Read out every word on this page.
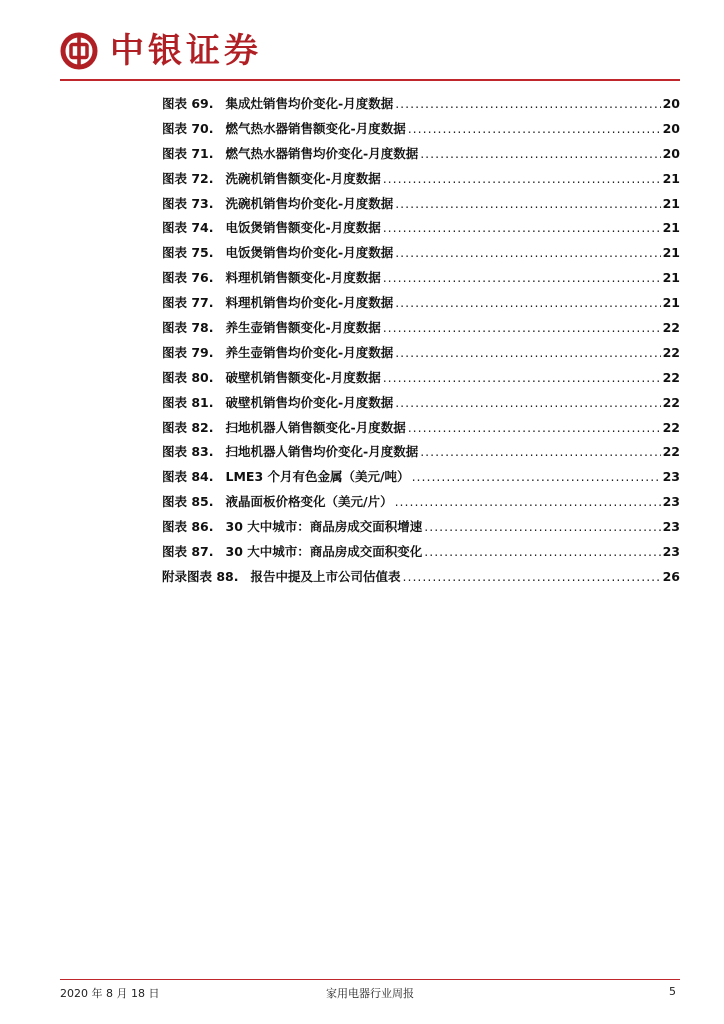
中银证券
图表 69. 集成灶销售均价变化-月度数据 .....	20
图表 70. 燃气热水器销售额变化-月度数据 .....	20
图表 71. 燃气热水器销售均价变化-月度数据 .....	20
图表 72. 洗碗机销售额变化-月度数据 .....	21
图表 73. 洗碗机销售均价变化-月度数据 .....	21
图表 74. 电饭煲销售额变化-月度数据 .....	21
图表 75. 电饭煲销售均价变化-月度数据 .....	21
图表 76. 料理机销售额变化-月度数据 .....	21
图表 77. 料理机销售均价变化-月度数据 .....	21
图表 78. 养生壶销售额变化-月度数据 .....	22
图表 79. 养生壶销售均价变化-月度数据 .....	22
图表 80. 破壁机销售额变化-月度数据 .....	22
图表 81. 破壁机销售均价变化-月度数据 .....	22
图表 82. 扫地机器人销售额变化-月度数据 .....	22
图表 83. 扫地机器人销售均价变化-月度数据 .....	22
图表 84. LME3 个月有色金属（美元/吨） .....	23
图表 85. 液晶面板价格变化（美元/片） .....	23
图表 86. 30 大中城市：商品房成交面积增速 .....	23
图表 87. 30 大中城市：商品房成交面积变化 .....	23
附录图表 88. 报告中提及上市公司估值表 .....	26
2020 年 8 月 18 日	家用电器行业周报	5
